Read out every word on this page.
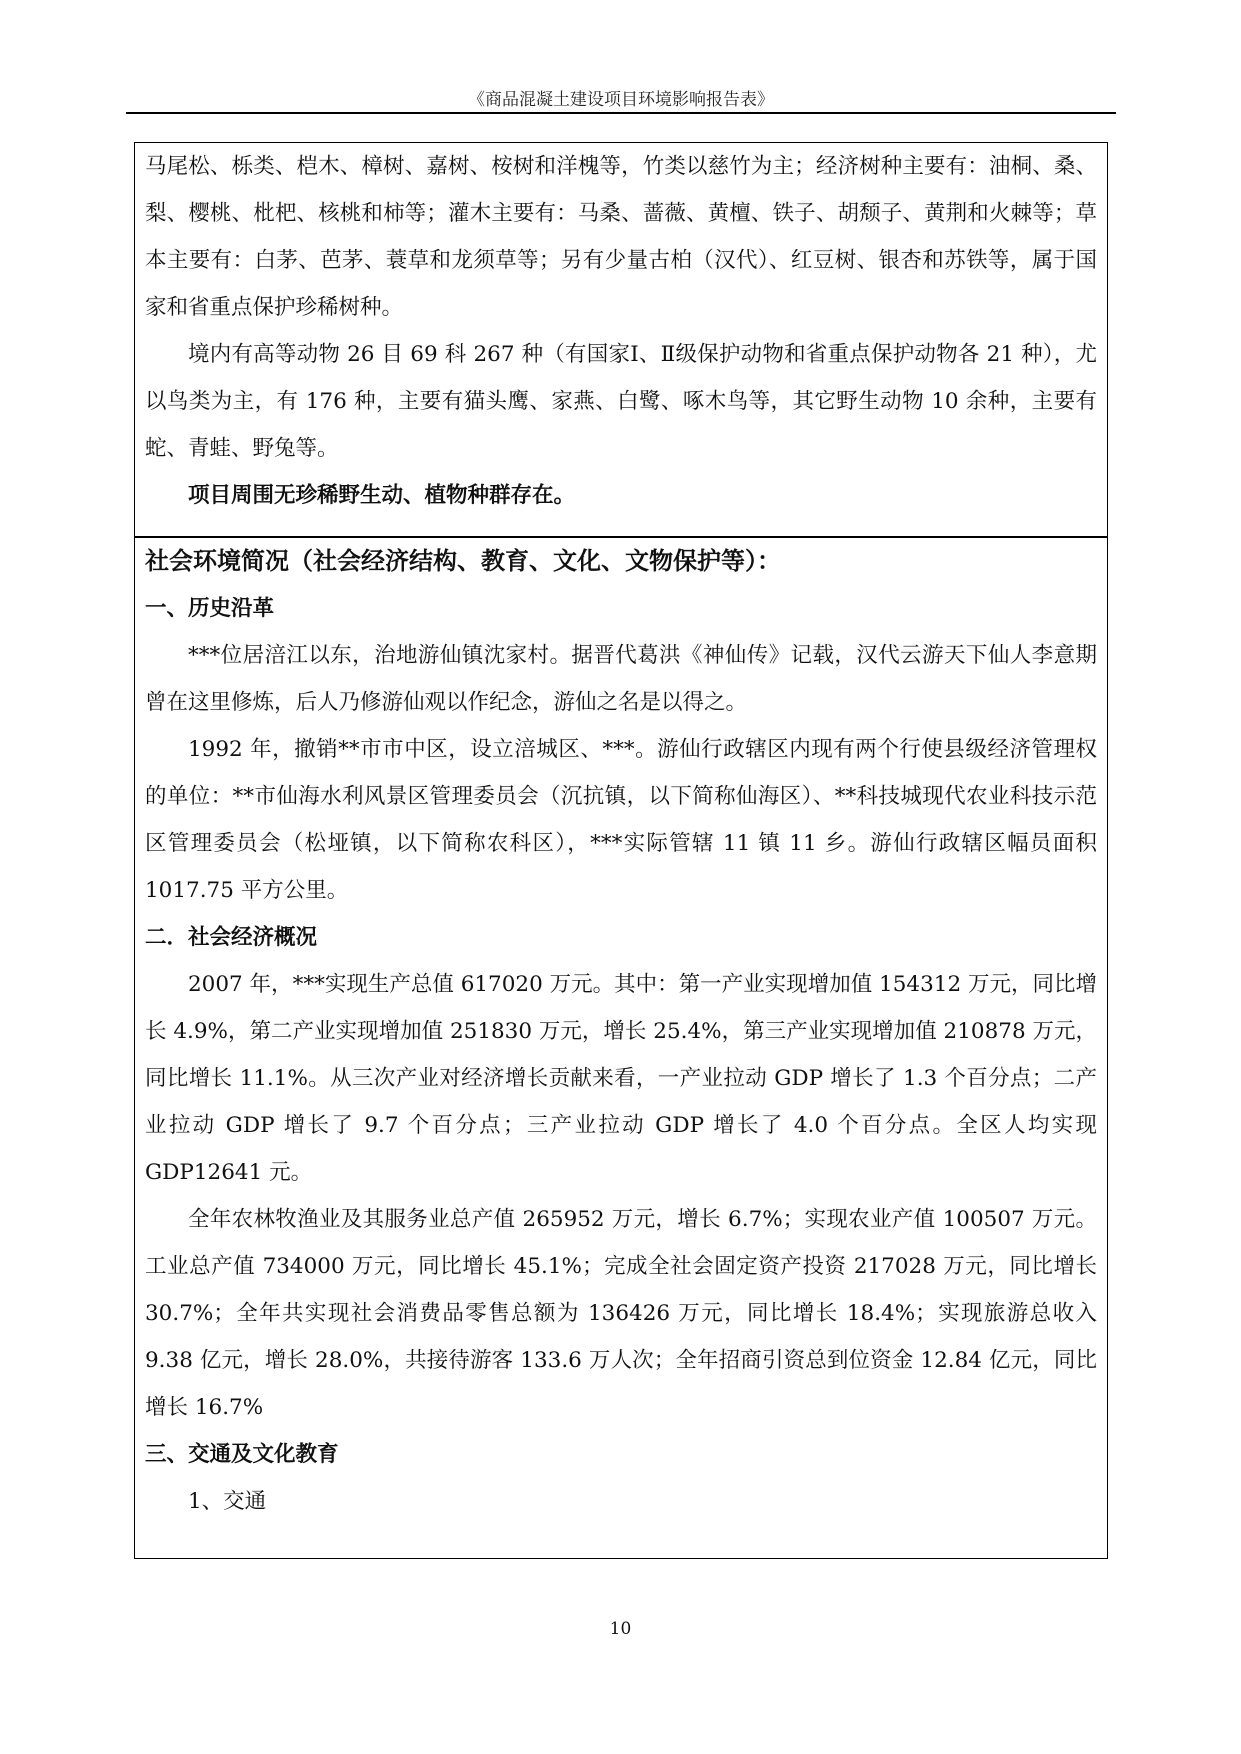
《商品混凝土建设项目环境影响报告表》

马尾松、栎类、桤木、樟树、嘉树、桉树和洋槐等，竹类以慈竹为主；经济树种主要有：油桐、桑、梨、樱桃、枇杷、核桃和柿等；灌木主要有：马桑、蔷薇、黄檀、铁子、胡颓子、黄荆和火棘等；草本主要有：白茅、芭茅、蓑草和龙须草等；另有少量古柏（汉代）、红豆树、银杏和苏铁等，属于国家和省重点保护珍稀树种。

境内有高等动物 26 目 69 科 267 种（有国家Ⅰ、Ⅱ级保护动物和省重点保护动物各 21 种），尤以鸟类为主，有 176 种，主要有猫头鹰、家燕、白鹭、啄木鸟等，其它野生动物 10 余种，主要有蛇、青蛙、野兔等。

项目周围无珍稀野生动、植物种群存在。

社会环境简况（社会经济结构、教育、文化、文物保护等）：

一、历史沿革

***位居涪江以东，治地游仙镇沈家村。据晋代葛洪《神仙传》记载，汉代云游天下仙人李意期曾在这里修炼，后人乃修游仙观以作纪念，游仙之名是以得之。

1992 年，撤销**市市中区，设立涪城区、***。游仙行政辖区内现有两个行使县级经济管理权的单位：**市仙海水利风景区管理委员会（沉抗镇，以下简称仙海区）、**科技城现代农业科技示范区管理委员会（松垭镇，以下简称农科区），***实际管辖 11 镇 11 乡。游仙行政辖区幅员面积 1017.75 平方公里。

二．社会经济概况

2007 年，***实现生产总值 617020 万元。其中：第一产业实现增加值 154312 万元，同比增长 4.9%，第二产业实现增加值 251830 万元，增长 25.4%，第三产业实现增加值 210878 万元，同比增长 11.1%。从三次产业对经济增长贡献来看，一产业拉动 GDP 增长了 1.3 个百分点；二产业拉动 GDP 增长了 9.7 个百分点；三产业拉动 GDP 增长了 4.0 个百分点。全区人均实现 GDP12641 元。

全年农林牧渔业及其服务业总产值 265952 万元，增长 6.7%；实现农业产值 100507 万元。工业总产值 734000 万元，同比增长 45.1%；完成全社会固定资产投资 217028 万元，同比增长 30.7%；全年共实现社会消费品零售总额为 136426 万元，同比增长 18.4%；实现旅游总收入 9.38 亿元，增长 28.0%，共接待游客 133.6 万人次；全年招商引资总到位资金 12.84 亿元，同比增长 16.7%

三、交通及文化教育

1、交通

10
